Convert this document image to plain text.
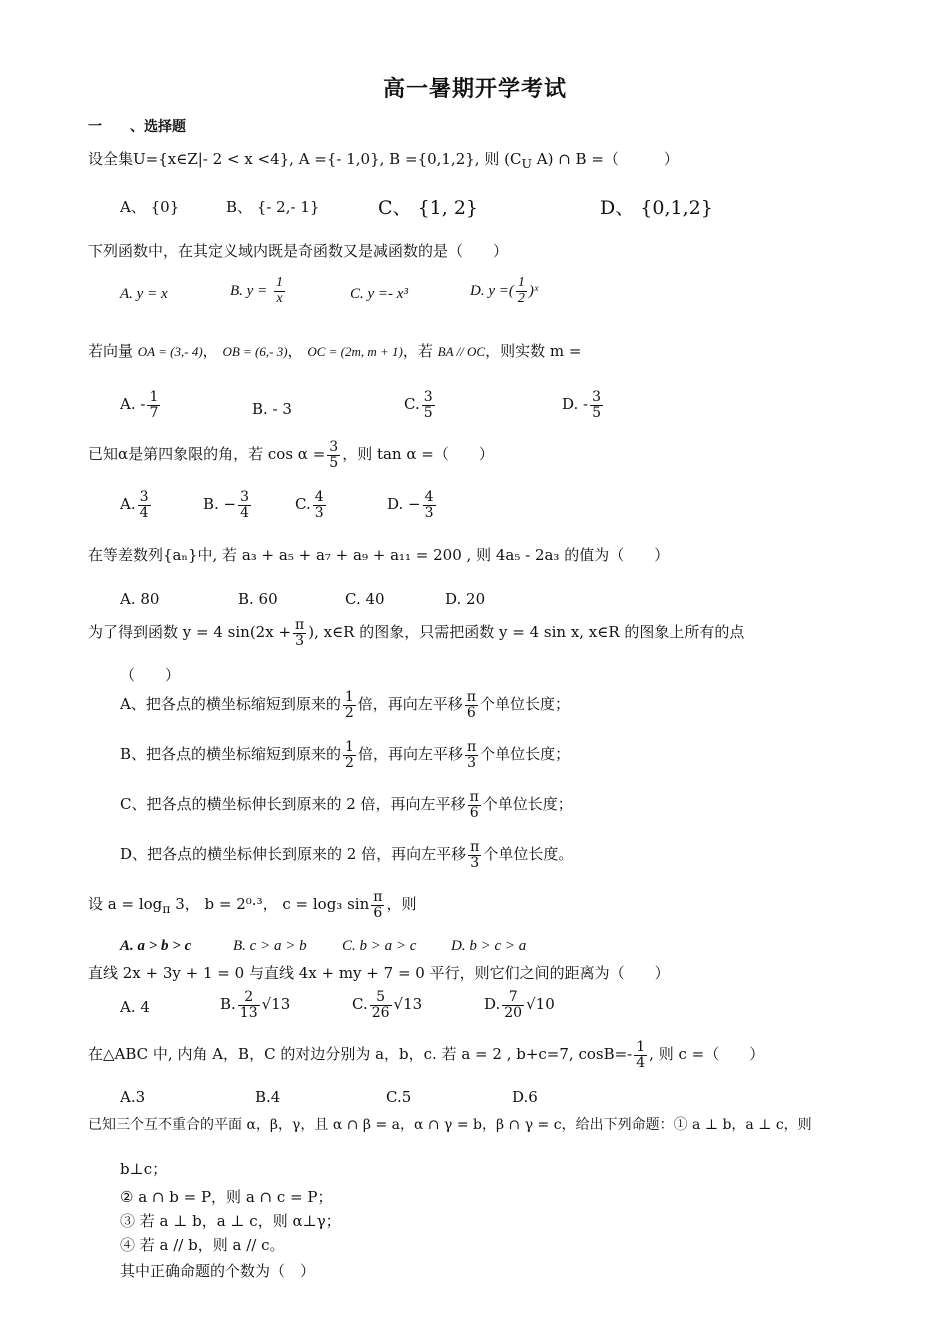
高一暑期开学考试
一　　、选择题
设全集U={x∈Z|- 2 < x <4}, A ={- 1,0}, B ={0,1,2}, 则 ($C_U$ A) ∩ B =（　　　）
A、 {0}	B、 {- 2,- 1}	C、 {1, 2}	D、 {0,1,2}
下列函数中，在其定义域内既是奇函数又是减函数的是（　　）
A. y = x	B. $y = \frac{1}{x}$	C. y =- x³	D. y =( $\frac{1}{2}$ )ˣ
若向量 OA = (3,- 4)， OB = (6,- 3)， OC = (2m, m + 1)，若 BA // OC，则实数 m =
A. - $\frac{1}{7}$	B. - 3	C. $\frac{3}{5}$	D. - $\frac{3}{5}$
已知α是第四象限的角，若 $\cos \alpha = \frac{3}{5}$ ，则 tan α =（　　）
A. $\frac{3}{4}$	B. − $\frac{3}{4}$	C. $\frac{4}{3}$	D. − $\frac{4}{3}$
在等差数列{aₙ}中, 若 a₃ + a₅ + a₇ + a₉ + a₁₁ = 200 , 则 4a₅ - 2a₃ 的值为（　　）
A. 80	B. 60	C. 40	D. 20
为了得到函数 y = 4 $\sin(2x + \frac{\pi}{3}$ ), x∈R 的图象，只需把函数 y = 4 sin x, x∈R 的图象上所有的点
（　　）
A、把各点的横坐标缩短到原来的 $\frac{1}{2}$ 倍，再向左平移 $\frac{\pi}{6}$ 个单位长度；
B、把各点的横坐标缩短到原来的 $\frac{1}{2}$ 倍，再向左平移 $\frac{\pi}{3}$ 个单位长度；
C、把各点的横坐标伸长到原来的 2 倍，再向左平移 $\frac{\pi}{6}$ 个单位长度；
D、把各点的横坐标伸长到原来的 2 倍，再向左平移 $\frac{\pi}{3}$ 个单位长度。
设 $a = \log_\pi 3$， b = 2⁰·³， c = log₃ $\sin \frac{\pi}{6}$ ，则
A. a > b > c	B. c > a > b C. b > a > c D. b > c > a
直线 2x + 3y + 1 = 0 与直线 4x + my + 7 = 0 平行，则它们之间的距离为（　　）
A. 4	B. $\frac{2}{13} √13$	C. $\frac{5}{26} √13$	D. $\frac{7}{20} √10$
在△ABC 中, 内角 A，B，C 的对边分别为 a，b，c. 若 a = 2 , b+c=7, $\cos B=- \frac{1}{4}$ , 则 c =（　　）
A.3	B.4	C.5	D.6
已知三个互不重合的平面 α，β，γ，且 α ∩ β = a，α ∩ γ = b，β ∩ γ = c，给出下列命题：① a ⊥ b，a ⊥ c，则
b⊥c；
② a ∩ b = P，则 a ∩ c = P；
③ 若 a ⊥ b，a ⊥ c，则 α⊥γ；
④ 若 a // b，则 a // c。
其中正确命题的个数为（　）
